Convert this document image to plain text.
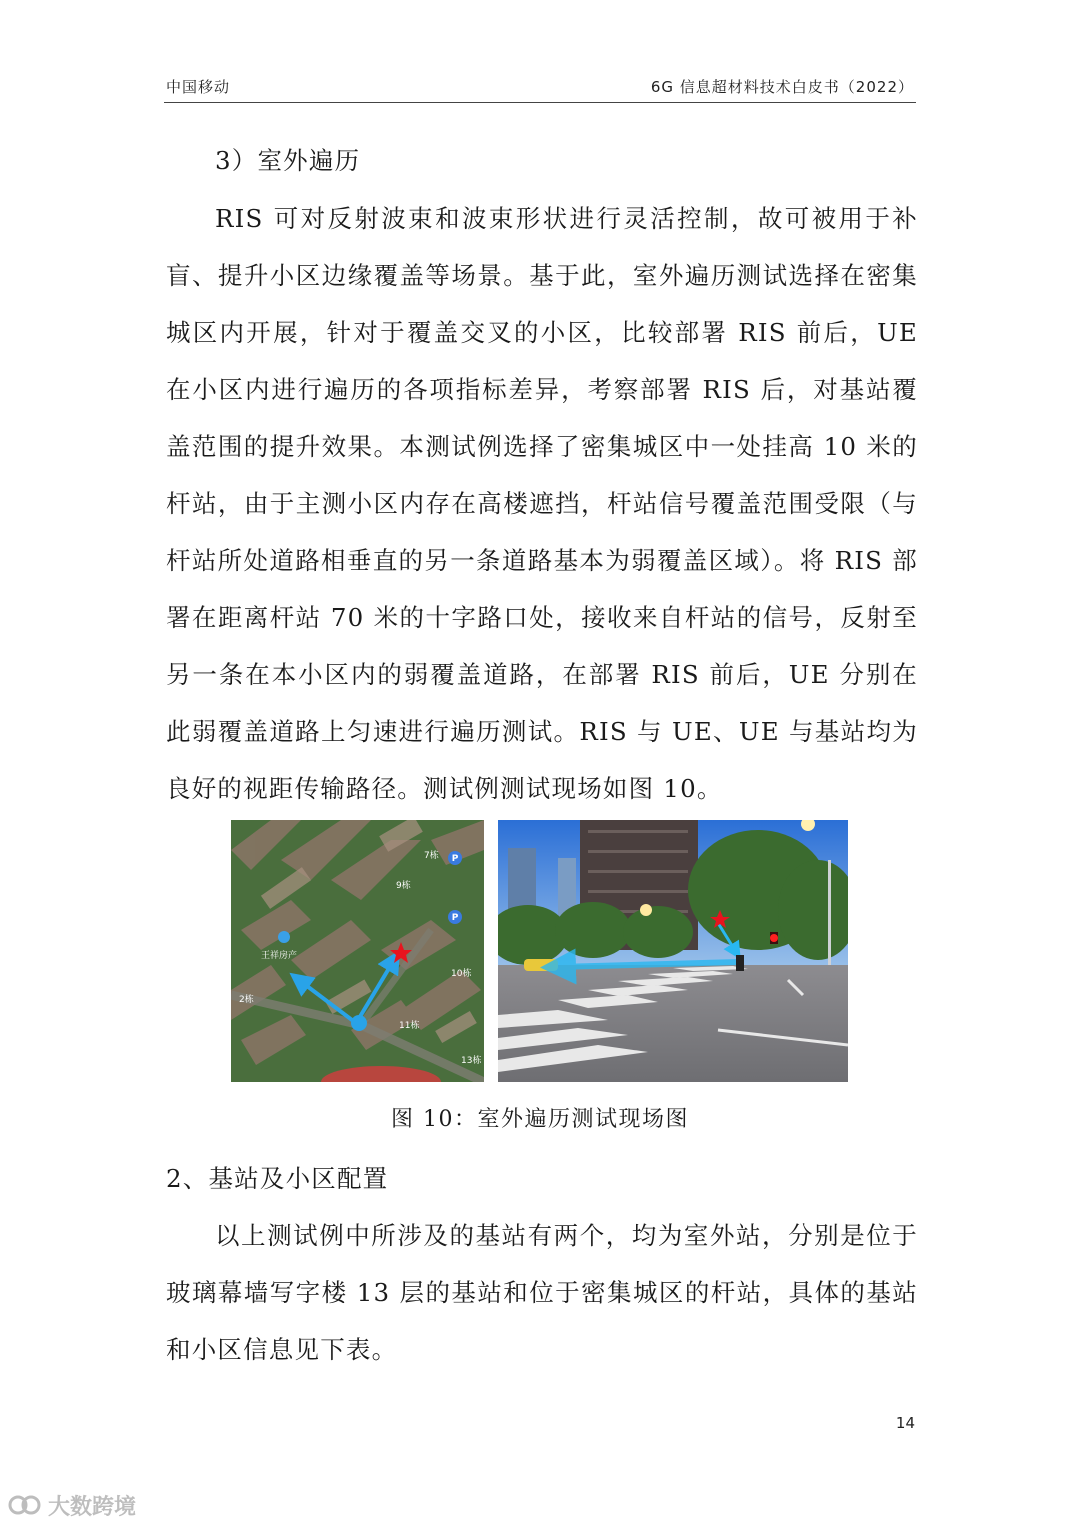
中国移动	6G 信息超材料技术白皮书（2022）
3）室外遍历
RIS 可对反射波束和波束形状进行灵活控制，故可被用于补盲、提升小区边缘覆盖等场景。基于此，室外遍历测试选择在密集城区内开展，针对于覆盖交叉的小区，比较部署 RIS 前后，UE 在小区内进行遍历的各项指标差异，考察部署 RIS 后，对基站覆盖范围的提升效果。本测试例选择了密集城区中一处挂高 10 米的杆站，由于主测小区内存在高楼遮挡，杆站信号覆盖范围受限（与杆站所处道路相垂直的另一条道路基本为弱覆盖区域）。将 RIS 部署在距离杆站 70 米的十字路口处，接收来自杆站的信号，反射至另一条在本小区内的弱覆盖道路，在部署 RIS 前后，UE 分别在此弱覆盖道路上匀速进行遍历测试。RIS 与 UE、UE 与基站均为良好的视距传输路径。测试例测试现场如图 10。
王祥房产
7栋
9栋
10栋
11栋
13栋
2栋
P
P
图 10：室外遍历测试现场图
2、基站及小区配置
以上测试例中所涉及的基站有两个，均为室外站，分别是位于玻璃幕墙写字楼 13 层的基站和位于密集城区的杆站，具体的基站和小区信息见下表。
14
大数跨境
